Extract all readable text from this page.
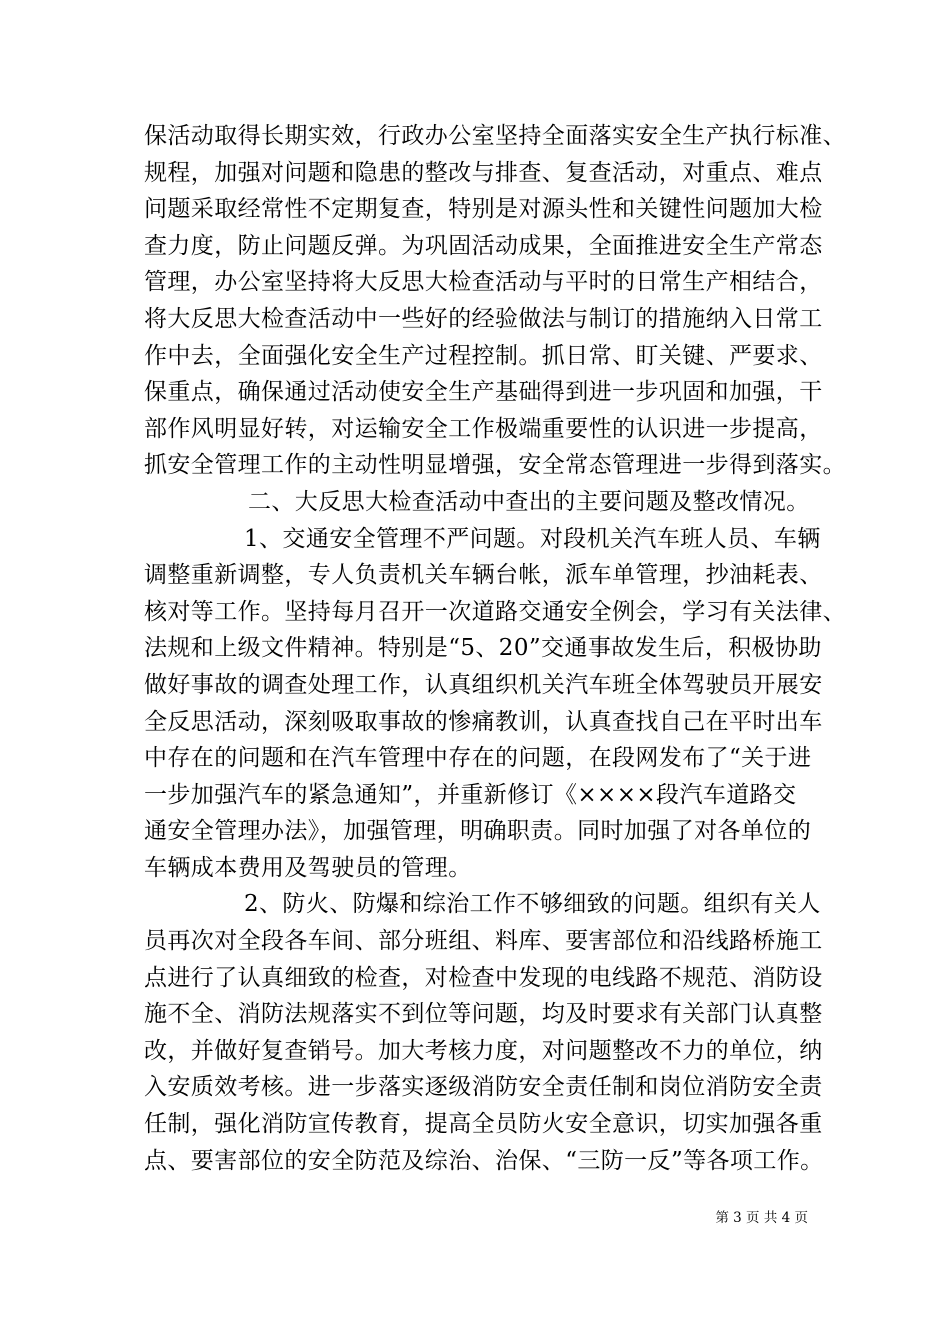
保活动取得长期实效，行政办公室坚持全面落实安全生产执行标准、
规程，加强对问题和隐患的整改与排查、复查活动，对重点、难点
问题采取经常性不定期复查，特别是对源头性和关键性问题加大检
查力度，防止问题反弹。为巩固活动成果，全面推进安全生产常态
管理，办公室坚持将大反思大检查活动与平时的日常生产相结合，
将大反思大检查活动中一些好的经验做法与制订的措施纳入日常工
作中去，全面强化安全生产过程控制。抓日常、盯关键、严要求、
保重点，确保通过活动使安全生产基础得到进一步巩固和加强，干
部作风明显好转，对运输安全工作极端重要性的认识进一步提高，
抓安全管理工作的主动性明显增强，安全常态管理进一步得到落实。
二、大反思大检查活动中查出的主要问题及整改情况。
1、交通安全管理不严问题。对段机关汽车班人员、车辆
调整重新调整，专人负责机关车辆台帐，派车单管理，抄油耗表、
核对等工作。坚持每月召开一次道路交通安全例会，学习有关法律、
法规和上级文件精神。特别是“5、20”交通事故发生后，积极协助
做好事故的调查处理工作，认真组织机关汽车班全体驾驶员开展安
全反思活动，深刻吸取事故的惨痛教训，认真查找自己在平时出车
中存在的问题和在汽车管理中存在的问题，在段网发布了“关于进
一步加强汽车的紧急通知”，并重新修订《××××段汽车道路交
通安全管理办法》，加强管理，明确职责。同时加强了对各单位的
车辆成本费用及驾驶员的管理。
2、防火、防爆和综治工作不够细致的问题。组织有关人
员再次对全段各车间、部分班组、料库、要害部位和沿线路桥施工
点进行了认真细致的检查，对检查中发现的电线路不规范、消防设
施不全、消防法规落实不到位等问题，均及时要求有关部门认真整
改，并做好复查销号。加大考核力度，对问题整改不力的单位，纳
入安质效考核。进一步落实逐级消防安全责任制和岗位消防安全责
任制，强化消防宣传教育，提高全员防火安全意识，切实加强各重
点、要害部位的安全防范及综治、治保、“三防一反”等各项工作。
第 3 页 共 4 页
